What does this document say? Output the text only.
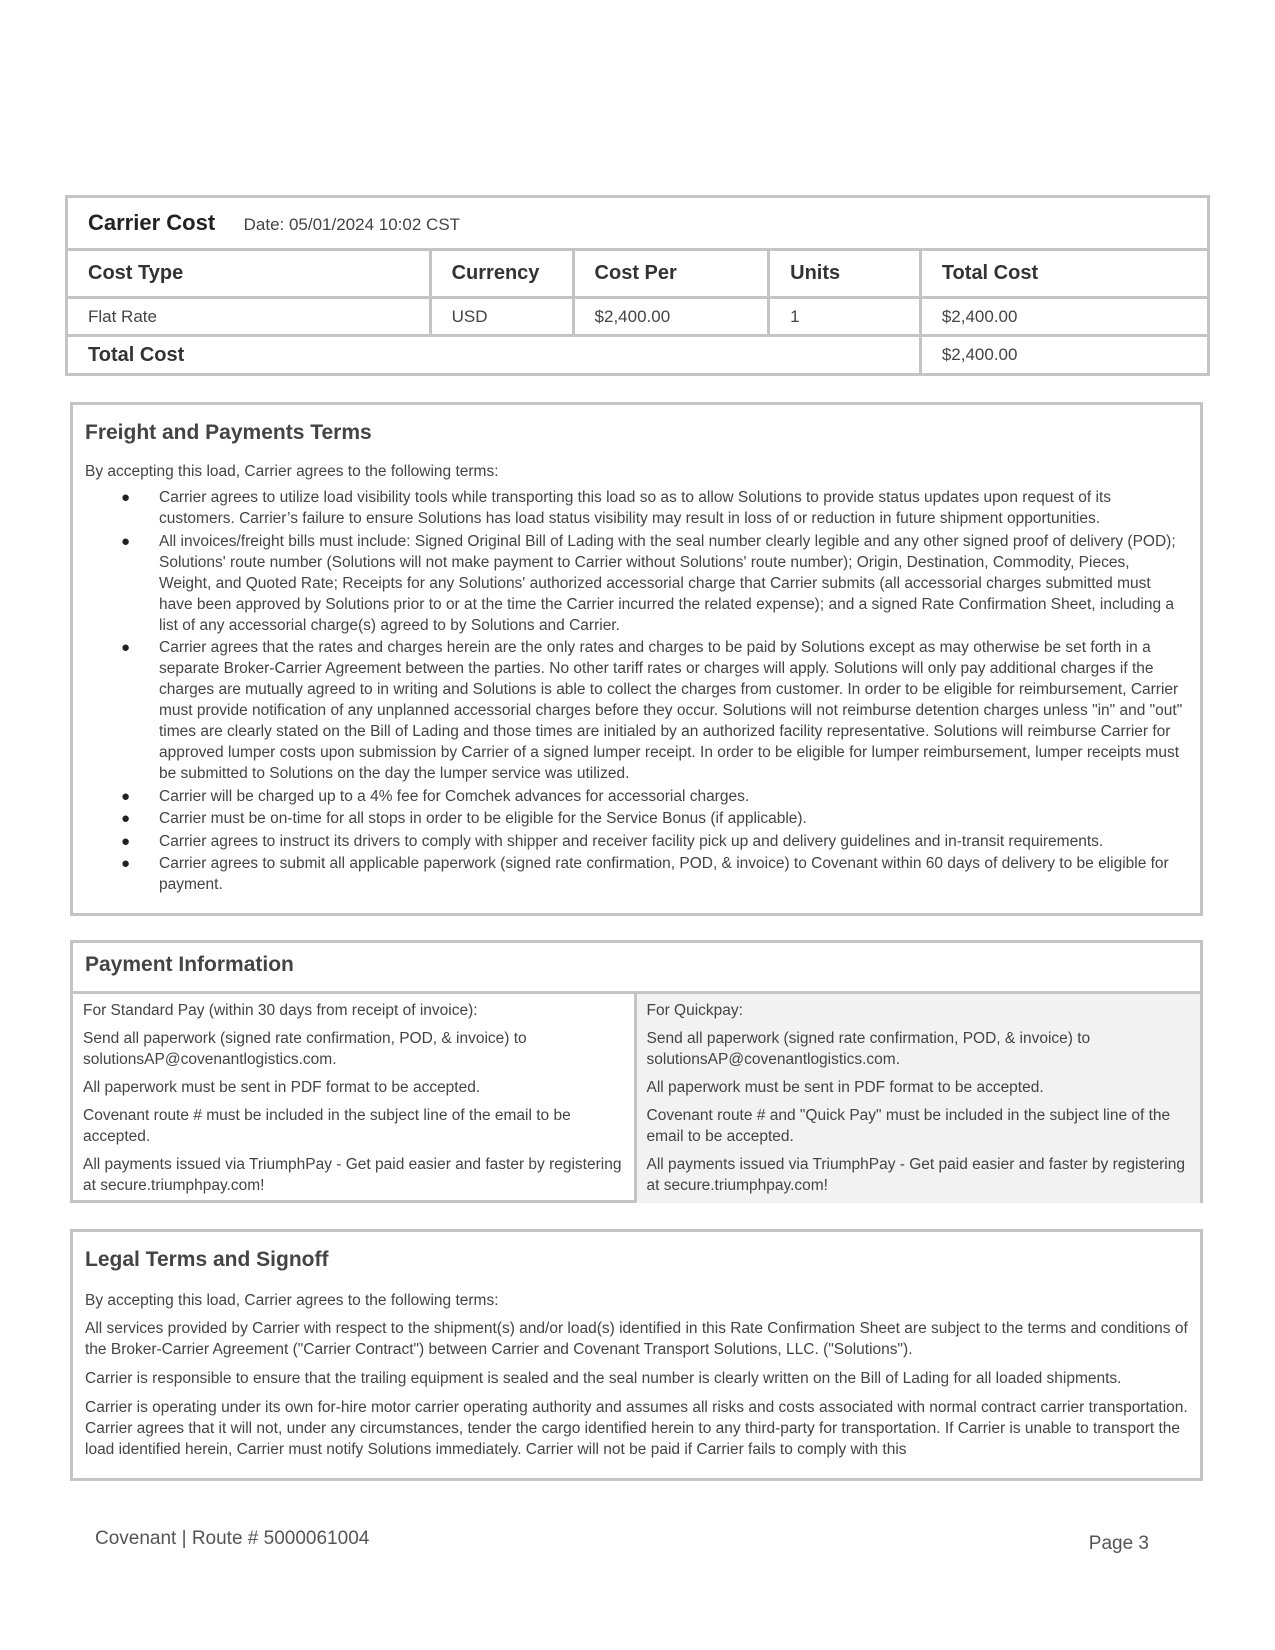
Carrier Cost Date: 05/01/2024 10:02 CST				
Cost Type	Currency	Cost Per	Units	Total Cost
Flat Rate	USD	$2,400.00	1	$2,400.00
Total Cost				$2,400.00
Freight and Payments Terms

By accepting this load, Carrier agrees to the following terms:

● Carrier agrees to utilize load visibility tools while transporting this load so as to allow Solutions to provide status updates upon request of its customers. Carrier’s failure to ensure Solutions has load status visibility may result in loss of or reduction in future shipment opportunities.
● All invoices/freight bills must include: Signed Original Bill of Lading with the seal number clearly legible and any other signed proof of delivery (POD); Solutions' route number (Solutions will not make payment to Carrier without Solutions' route number); Origin, Destination, Commodity, Pieces, Weight, and Quoted Rate; Receipts for any Solutions' authorized accessorial charge that Carrier submits (all accessorial charges submitted must have been approved by Solutions prior to or at the time the Carrier incurred the related expense); and a signed Rate Confirmation Sheet, including a list of any accessorial charge(s) agreed to by Solutions and Carrier.
● Carrier agrees that the rates and charges herein are the only rates and charges to be paid by Solutions except as may otherwise be set forth in a separate Broker-Carrier Agreement between the parties. No other tariff rates or charges will apply. Solutions will only pay additional charges if the charges are mutually agreed to in writing and Solutions is able to collect the charges from customer. In order to be eligible for reimbursement, Carrier must provide notification of any unplanned accessorial charges before they occur. Solutions will not reimburse detention charges unless "in" and "out" times are clearly stated on the Bill of Lading and those times are initialed by an authorized facility representative. Solutions will reimburse Carrier for approved lumper costs upon submission by Carrier of a signed lumper receipt. In order to be eligible for lumper reimbursement, lumper receipts must be submitted to Solutions on the day the lumper service was utilized.
● Carrier will be charged up to a 4% fee for Comchek advances for accessorial charges.
● Carrier must be on-time for all stops in order to be eligible for the Service Bonus (if applicable).
● Carrier agrees to instruct its drivers to comply with shipper and receiver facility pick up and delivery guidelines and in-transit requirements.
● Carrier agrees to submit all applicable paperwork (signed rate confirmation, POD, & invoice) to Covenant within 60 days of delivery to be eligible for payment.
Payment Information

For Standard Pay (within 30 days from receipt of invoice):

Send all paperwork (signed rate confirmation, POD, & invoice) to solutionsAP@covenantlogistics.com.

All paperwork must be sent in PDF format to be accepted.

Covenant route # must be included in the subject line of the email to be accepted.

All payments issued via TriumphPay - Get paid easier and faster by registering at secure.triumphpay.com!

For Quickpay:

Send all paperwork (signed rate confirmation, POD, & invoice) to solutionsAP@covenantlogistics.com.

All paperwork must be sent in PDF format to be accepted.

Covenant route # and "Quick Pay" must be included in the subject line of the email to be accepted.

All payments issued via TriumphPay - Get paid easier and faster by registering at secure.triumphpay.com!

Legal Terms and Signoff

By accepting this load, Carrier agrees to the following terms:

All services provided by Carrier with respect to the shipment(s) and/or load(s) identified in this Rate Confirmation Sheet are subject to the terms and conditions of the Broker-Carrier Agreement ("Carrier Contract") between Carrier and Covenant Transport Solutions, LLC. ("Solutions").

Carrier is responsible to ensure that the trailing equipment is sealed and the seal number is clearly written on the Bill of Lading for all loaded shipments.

Carrier is operating under its own for-hire motor carrier operating authority and assumes all risks and costs associated with normal contract carrier transportation. Carrier agrees that it will not, under any circumstances, tender the cargo identified herein to any third-party for transportation. If Carrier is unable to transport the load identified herein, Carrier must notify Solutions immediately. Carrier will not be paid if Carrier fails to comply with this

Covenant | Route # 5000061004	Page 3
